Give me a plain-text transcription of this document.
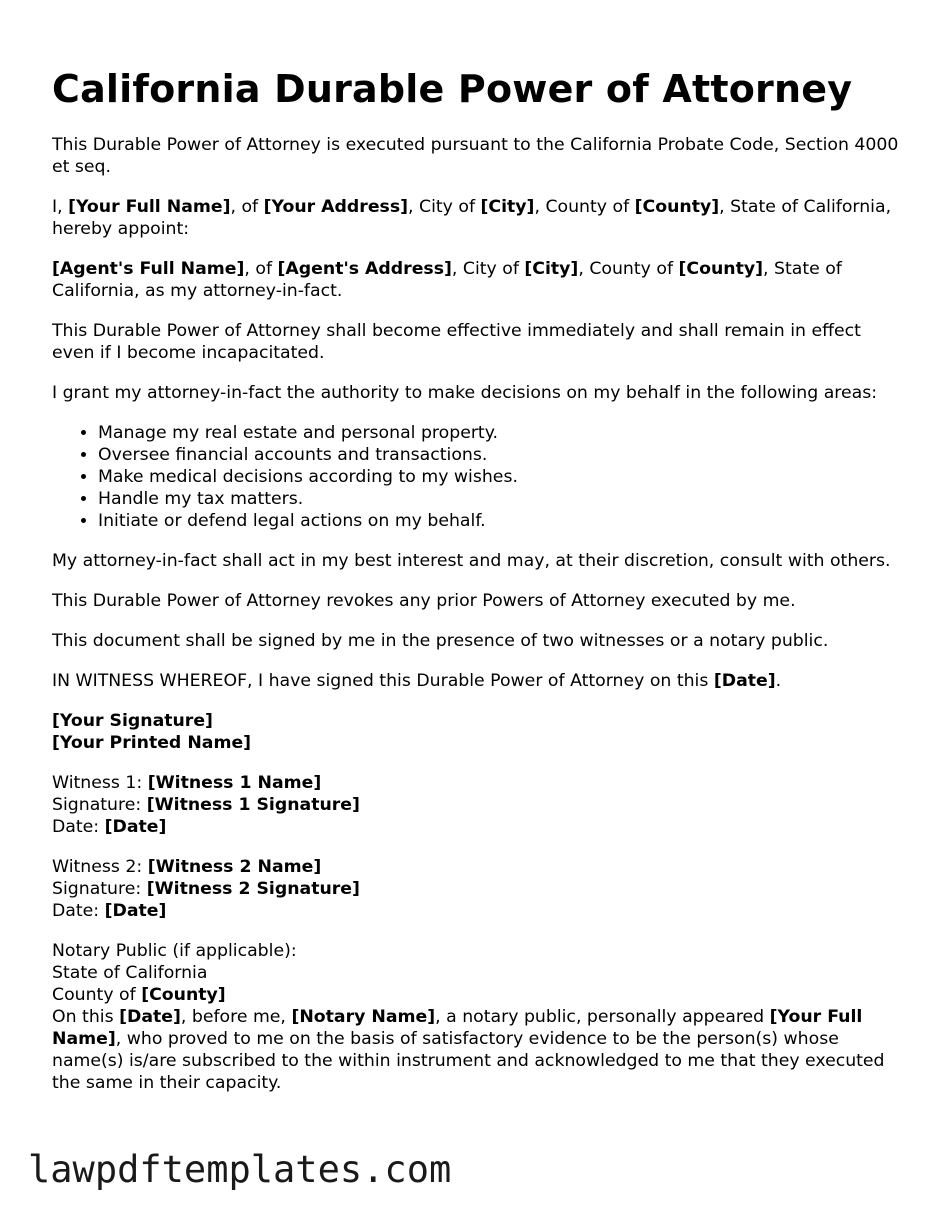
California Durable Power of Attorney

This Durable Power of Attorney is executed pursuant to the California Probate Code, Section 4000 et seq.

I, [Your Full Name], of [Your Address], City of [City], County of [County], State of California, hereby appoint:

[Agent's Full Name], of [Agent's Address], City of [City], County of [County], State of California, as my attorney-in-fact.

This Durable Power of Attorney shall become effective immediately and shall remain in effect even if I become incapacitated.

I grant my attorney-in-fact the authority to make decisions on my behalf in the following areas:

• Manage my real estate and personal property.
• Oversee financial accounts and transactions.
• Make medical decisions according to my wishes.
• Handle my tax matters.
• Initiate or defend legal actions on my behalf.

My attorney-in-fact shall act in my best interest and may, at their discretion, consult with others.

This Durable Power of Attorney revokes any prior Powers of Attorney executed by me.

This document shall be signed by me in the presence of two witnesses or a notary public.

IN WITNESS WHEREOF, I have signed this Durable Power of Attorney on this [Date].

[Your Signature]
[Your Printed Name]

Witness 1: [Witness 1 Name]
Signature: [Witness 1 Signature]
Date: [Date]

Witness 2: [Witness 2 Name]
Signature: [Witness 2 Signature]
Date: [Date]

Notary Public (if applicable):
State of California
County of [County]
On this [Date], before me, [Notary Name], a notary public, personally appeared [Your Full Name], who proved to me on the basis of satisfactory evidence to be the person(s) whose name(s) is/are subscribed to the within instrument and acknowledged to me that they executed the same in their capacity.

lawpdftemplates.com
